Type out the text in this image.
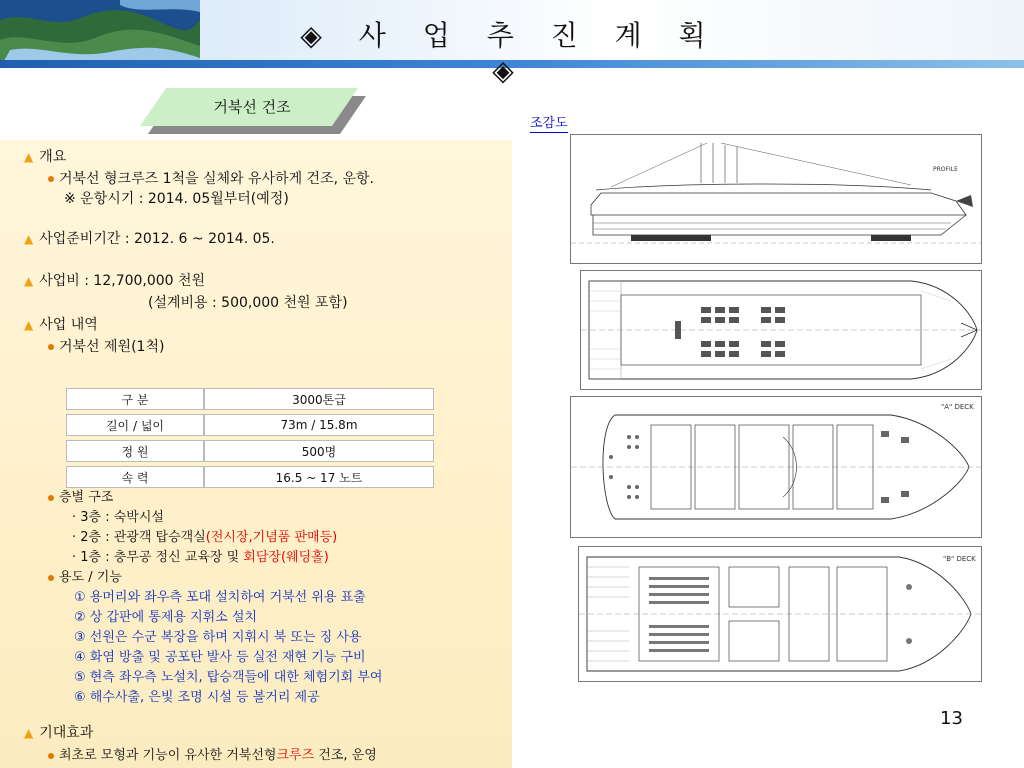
◈ 사 업 추 진 계 획 ◈
거북선 건조
조감도
▲ 개요
거북선 형크루즈 1척을 실체와 유사하게 건조, 운항.
※ 운항시기 : 2014. 05월부터(예정)
▲ 사업준비기간 : 2012. 6 ~ 2014. 05.
▲ 사업비 : 12,700,000 천원
(설계비용 : 500,000 천원 포함)
▲ 사업 내역
거북선 제원(1척)
구 분	3000톤급
길이 / 넓이	73m / 15.8m
정 원	500명
속 력	16.5 ~ 17 노트
층별 구조
· 3층 : 숙박시설
· 2층 : 관광객 탑승객실(전시장,기념품 판매등)
· 1층 : 충무공 정신 교육장 및 회담장(웨딩홀)
용도 / 기능
① 용머리와 좌우측 포대 설치하여 거북선 위용 표출
② 상 갑판에 통제용 지휘소 설치
③ 선원은 수군 복장을 하며 지휘시 북 또는 징 사용
④ 화염 방출 및 공포탄 발사 등 실전 재현 기능 구비
⑤ 현측 좌우측 노설치, 탑승객들에 대한 체험기회 부여
⑥ 해수사출, 은빛 조명 시설 등 볼거리 제공
▲ 기대효과
최초로 모형과 기능이 유사한 거북선형크루즈 건조, 운영
PROFILE
"A" DECK
"B" DECK
13
